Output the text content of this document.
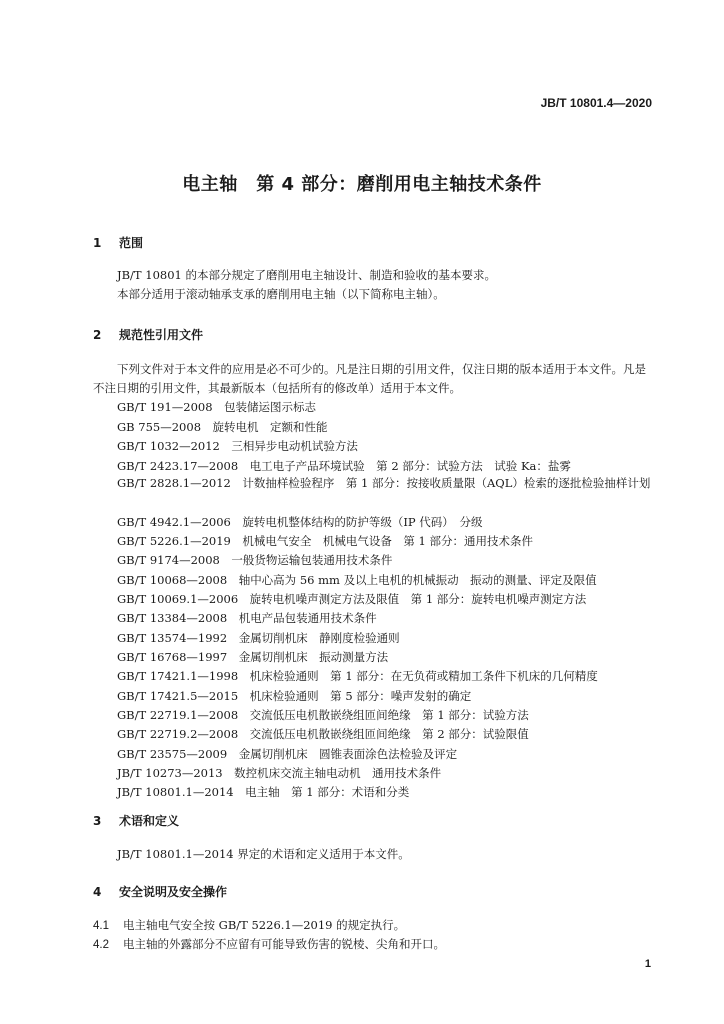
JB/T 10801.4—2020
电主轴　第 4 部分：磨削用电主轴技术条件
1 范围
JB/T 10801 的本部分规定了磨削用电主轴设计、制造和验收的基本要求。
本部分适用于滚动轴承支承的磨削用电主轴（以下简称电主轴）。
2 规范性引用文件
下列文件对于本文件的应用是必不可少的。凡是注日期的引用文件，仅注日期的版本适用于本文件。凡是不注日期的引用文件，其最新版本（包括所有的修改单）适用于本文件。
GB/T 191—2008　包装储运图示标志
GB 755—2008　旋转电机　定额和性能
GB/T 1032—2012　三相异步电动机试验方法
GB/T 2423.17—2008　电工电子产品环境试验　第 2 部分：试验方法　试验 Ka：盐雾
GB/T 2828.1—2012　计数抽样检验程序　第 1 部分：按接收质量限（AQL）检索的逐批检验抽样计划
GB/T 4942.1—2006　旋转电机整体结构的防护等级（IP 代码）　分级
GB/T 5226.1—2019　机械电气安全　机械电气设备　第 1 部分：通用技术条件
GB/T 9174—2008　一般货物运输包装通用技术条件
GB/T 10068—2008　轴中心高为 56 mm 及以上电机的机械振动　振动的测量、评定及限值
GB/T 10069.1—2006　旋转电机噪声测定方法及限值　第 1 部分：旋转电机噪声测定方法
GB/T 13384—2008　机电产品包装通用技术条件
GB/T 13574—1992　金属切削机床　静刚度检验通则
GB/T 16768—1997　金属切削机床　振动测量方法
GB/T 17421.1—1998　机床检验通则　第 1 部分：在无负荷或精加工条件下机床的几何精度
GB/T 17421.5—2015　机床检验通则　第 5 部分：噪声发射的确定
GB/T 22719.1—2008　交流低压电机散嵌绕组匝间绝缘　第 1 部分：试验方法
GB/T 22719.2—2008　交流低压电机散嵌绕组匝间绝缘　第 2 部分：试验限值
GB/T 23575—2009　金属切削机床　圆锥表面涂色法检验及评定
JB/T 10273—2013　数控机床交流主轴电动机　通用技术条件
JB/T 10801.1—2014　电主轴　第 1 部分：术语和分类
3 术语和定义
JB/T 10801.1—2014 界定的术语和定义适用于本文件。
4 安全说明及安全操作
4.1 电主轴电气安全按 GB/T 5226.1—2019 的规定执行。
4.2 电主轴的外露部分不应留有可能导致伤害的锐棱、尖角和开口。
1
